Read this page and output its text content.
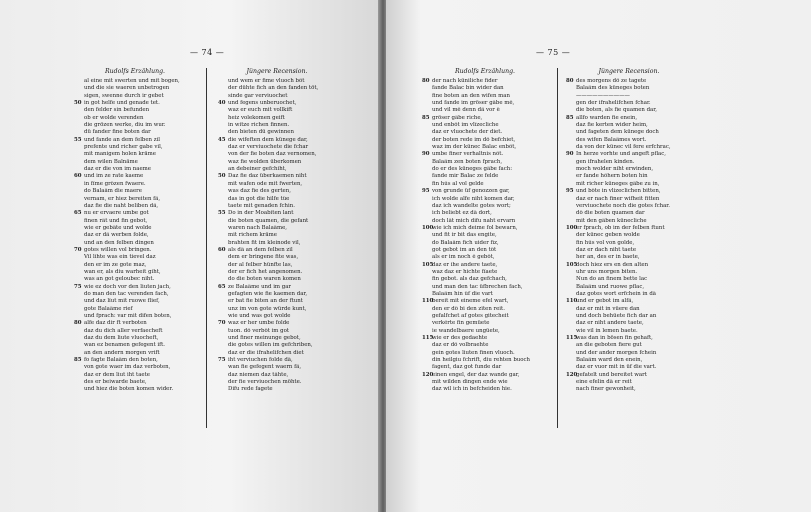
— 74 —
Rudolfs Erzählung.
al eine mit swerten und mit bogen,
und die sie waeren unbetrogen
sigen, swenne durch ir gebet
50 in got helfe und genade tet.
den felder sin befunden
ob er wolde verenden
die grözen werke, diu im wur.
dü fander fine boten dar
55 und fande an dem felben zil
prefente und richer gabe vil,
mit manigem holen kräme
dem wilen Balnäme
daz er die von im naeme
60 und im ze rate kaeme
in fîme grôzen fwaere.
do Balaâm die maere
vernam, er hiez bereiten fâ,
daz fie die naht beliben dâ,
65 nu er ervaere umbe got
finen rât und fin gebot,
wie er gebâte und wolde
daz er dâ werben folde,
und an den felben dingen
70 gotes willen vol bringen.
Vil lihte was ein tievel daz
den er im ze gote maz,
wan er, als diu warheit giht,
was an got geloubec niht.
75 wie ez doch vor den liuten jach,
do man den tac verenden fach,
und daz lîut mit ruowe flief,
gote Balaâme rief
und fprach: var mit difen boten,
80 alfe daz dir ft verboten
daz du dich aller verfaecheft
daz du dem liute vluocheft,
wan ez benamen gefegent ift.
an den andern morgen vrift
85 fo fagte Balaâm den boten,
von gote waer im daz verboten,
daz er dem liut iht taete
des er beiwarde baete,
und hiez die boten komen wider.
Jüngere Recension.
und wem er fime vluoch bôt
der dühte fich an den fanden töt,
sinde gar verviuochet
40 und fegens unberuochet,
waz er euch mit vollkift
heiz volekomen geift
in witze richen finnen.
den bieten dü gewinnen
45 die wifeften dem künege dar,
daz er verviuochete die fchar
von der fie boten daz vernomen,
waz fie wolden überkomen
an debeiner gefchiht,
50 Daz fie daz überkaemen niht
mit wafen ode mit fwerten,
was daz fie des gerten,
das in got die hilfe tûe
taete mit genaden fchin.
55 Do in der Moabiten lant
die boten quamen, die gefant
waren nach Balaâme,
mit richem kräme
brahten fit im kleinode vil,
60 als dâ an dem felben zil
dem er bringene fite was,
der al felber hünfte las,
der er fich het angenomen.
do die boten waren komen
65 ze Balaâme und im gar
gefagten wie fie kaemen dar,
er bat fie biten an der ftunt
unz im von gote würde kunt,
wie und was got wolde
70 waz er her umbe folde
tuon. dô verbôt im got
und finer meinunge gebot,
die gotes willen im gefchriben,
daz er die ifrahelifchen diet
75 iht verviuchen folde dâ,
wan fie gefegent waern fâ,
daz niemen daz tâhte,
der fie verviuochen möhte.
Difu rede fagete
— 75 —
Rudolfs Erzählung.
80 der nach küniliche fider
fande Balac bin wider dan
fine boten an den wifen man
und fande im gröser gâbe mê,
und vil mê denn dâ vor ê
85 gröser gâbe riche,
und enbôt im vlîzecliche
daz er vluochete der diet.
der boten rede im dô befchiet,
waz im der künec Balac enbôt,
90 umbe finer verhaltnis nôt.
Balaâm zen boten fprach,
do er des küneges gâbe fach:
fande mir Balac ze felde
fin hûs al vol gelde
95 von grunde üf genozzen gar,
ich wolde alfe niht komen dar,
daz ich wandelte gotes wort;
ich beliebt ez dâ dort,
doch lât mich difu naht ervarn
100
wie ich mich deime fol bewarn,
und fit ir bit das engite,
do Balaâm fich uider fiz,
got gebot im an den tôt
als er im noch ê gebôt,
105
daz er ihe andere taete,
waz daz er hichte fîaete
fin gebot. als daz gefchach,
und man den tac üfbrechen fach,
Balaâm hin ûf die vart
110
bereit mit eineme efel wart,
den er dô bi den zîten reit.
gefalfchet af gotes gitecheit
verkêrte fin gemüete
ie wandelbaere ungüete,
115
wie er des gedaehte
daz er dô volbraehte
gein gotes liuten finen vluoch.
din heilgiu fchrift, diu rehten buoch
fagent, daz got funde dar
120
einen engel, der daz wande gar,
mit wilden dingen ende wie
daz wil ich in befcheiden hie.
Jüngere Recension.
80 des morgens dô ze tagete
Balaâm des küneges boten
——————————
gen der ifrahelifchen fchar.
die boten, als fie quamen dar,
85 allfo warden fie enein,
daz fie kerten wider heim,
und fageten dem künege doch
des wifen Balaâmes wort.
da von der künec vil fere erfchrac,
90 In herze vorhte und angeft pflac,
gen ifrahelen kinden.
moch wolder niht erwinden,
er fande hôhern boten hin
mit richer küneges gâbe zu in,
95 und bôte in vlizeclichen bitten,
daz er nach finer wifheit fitten
verviuochete noch die gotes fchar.
dô die boten quamen dar
mit den gâben künecliche
100
er fprach, ob im der felben ftunt
der künec geben wolde
fin hûs vol von golde,
daz er dach niht taete
her an, des er in baete,
105
doch hiez ers en den alten
uhr uns morgen biten.
Nun do an finem bette lac
Balaâm und ruowe pflac,
daz gotes wort erfchein in dâ
110
und er gebot im alfâ,
daz er mit in vüere dan
und doch behüete fich dar an
daz er niht andere taete,
wie vil in lemen baete.
115
was dan in bösen fin gehaft,
an die geboten fiere gut
und der ander morgen fchein
Balaâm ward den enein,
daz er vuor mit in üf die vart.
120
gefatelt und bereitet wart
eine efelin dâ er reit
nach finer gewonheit,
